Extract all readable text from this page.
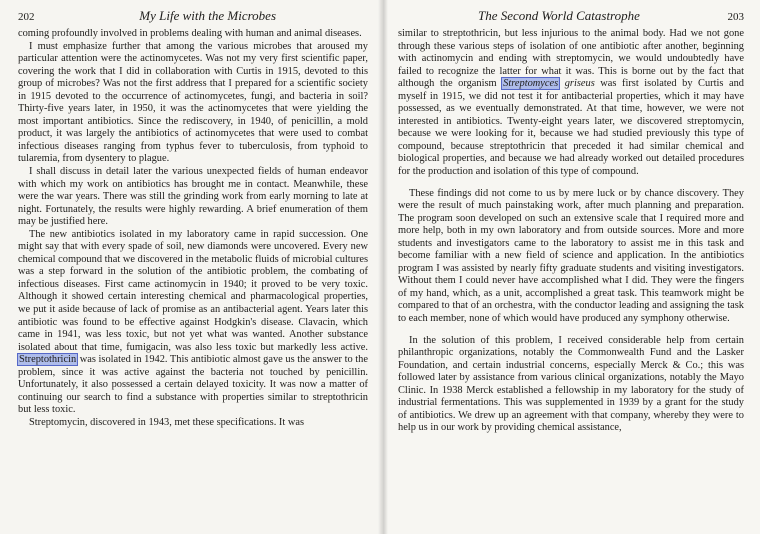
202	My Life with the Microbes

coming profoundly involved in problems dealing with human and animal diseases.

I must emphasize further that among the various microbes that aroused my particular attention were the actinomycetes. Was not my very first scientific paper, covering the work that I did in collaboration with Curtis in 1915, devoted to this group of microbes? Was not the first address that I prepared for a scientific society in 1915 devoted to the occurrence of actinomycetes, fungi, and bacteria in soil? Thirty-five years later, in 1950, it was the actinomycetes that were yielding the most important antibiotics. Since the rediscovery, in 1940, of penicillin, a mold product, it was largely the antibiotics of actinomycetes that were used to combat infectious diseases ranging from typhus fever to tuberculosis, from typhoid to tularemia, from dysentery to plague.

I shall discuss in detail later the various unexpected fields of human endeavor with which my work on antibiotics has brought me in contact. Meanwhile, these were the war years. There was still the grinding work from early morning to late at night. Fortunately, the results were highly rewarding. A brief enumeration of them may be justified here.

The new antibiotics isolated in my laboratory came in rapid succession. One might say that with every spade of soil, new diamonds were uncovered. Every new chemical compound that we discovered in the metabolic fluids of microbial cultures was a step forward in the solution of the antibiotic problem, the combating of infectious diseases. First came actinomycin in 1940; it proved to be very toxic. Although it showed certain interesting chemical and pharmacological properties, we put it aside because of lack of promise as an antibacterial agent. Years later this antibiotic was found to be effective against Hodgkin's disease. Clavacin, which came in 1941, was less toxic, but not yet what was wanted. Another substance isolated about that time, fumigacin, was also less toxic but markedly less active. Streptothricin was isolated in 1942. This antibiotic almost gave us the answer to the problem, since it was active against the bacteria not touched by penicillin. Unfortunately, it also possessed a certain delayed toxicity. It was now a matter of continuing our search to find a substance with properties similar to streptothricin but less toxic.

Streptomycin, discovered in 1943, met these specifications. It was

The Second World Catastrophe	203

similar to streptothricin, but less injurious to the animal body. Had we not gone through these various steps of isolation of one antibiotic after another, beginning with actinomycin and ending with streptomycin, we would undoubtedly have failed to recognize the latter for what it was. This is borne out by the fact that although the organism Streptomyces griseus was first isolated by Curtis and myself in 1915, we did not test it for antibacterial properties, which it may have possessed, as we eventually demonstrated. At that time, however, we were not interested in antibiotics. Twenty-eight years later, we discovered streptomycin, because we were looking for it, because we had studied previously this type of compound, because streptothricin that preceded it had similar chemical and biological properties, and because we had already worked out detailed procedures for the production and isolation of this type of compound.

These findings did not come to us by mere luck or by chance discovery. They were the result of much painstaking work, after much planning and preparation. The program soon developed on such an extensive scale that I required more and more help, both in my own laboratory and from outside sources. More and more students and investigators came to the laboratory to assist me in this task and become familiar with a new field of science and application. In the antibiotics program I was assisted by nearly fifty graduate students and visiting investigators. Without them I could never have accomplished what I did. They were the fingers of my hand, which, as a unit, accomplished a great task. This teamwork might be compared to that of an orchestra, with the conductor leading and assigning the task to each member, none of which would have produced any symphony otherwise.

In the solution of this problem, I received considerable help from certain philanthropic organizations, notably the Commonwealth Fund and the Lasker Foundation, and certain industrial concerns, especially Merck & Co.; this was followed later by assistance from various clinical organizations, notably the Mayo Clinic. In 1938 Merck established a fellowship in my laboratory for the study of industrial fermentations. This was supplemented in 1939 by a grant for the study of antibiotics. We drew up an agreement with that company, whereby they were to help us in our work by providing chemical assistance,
